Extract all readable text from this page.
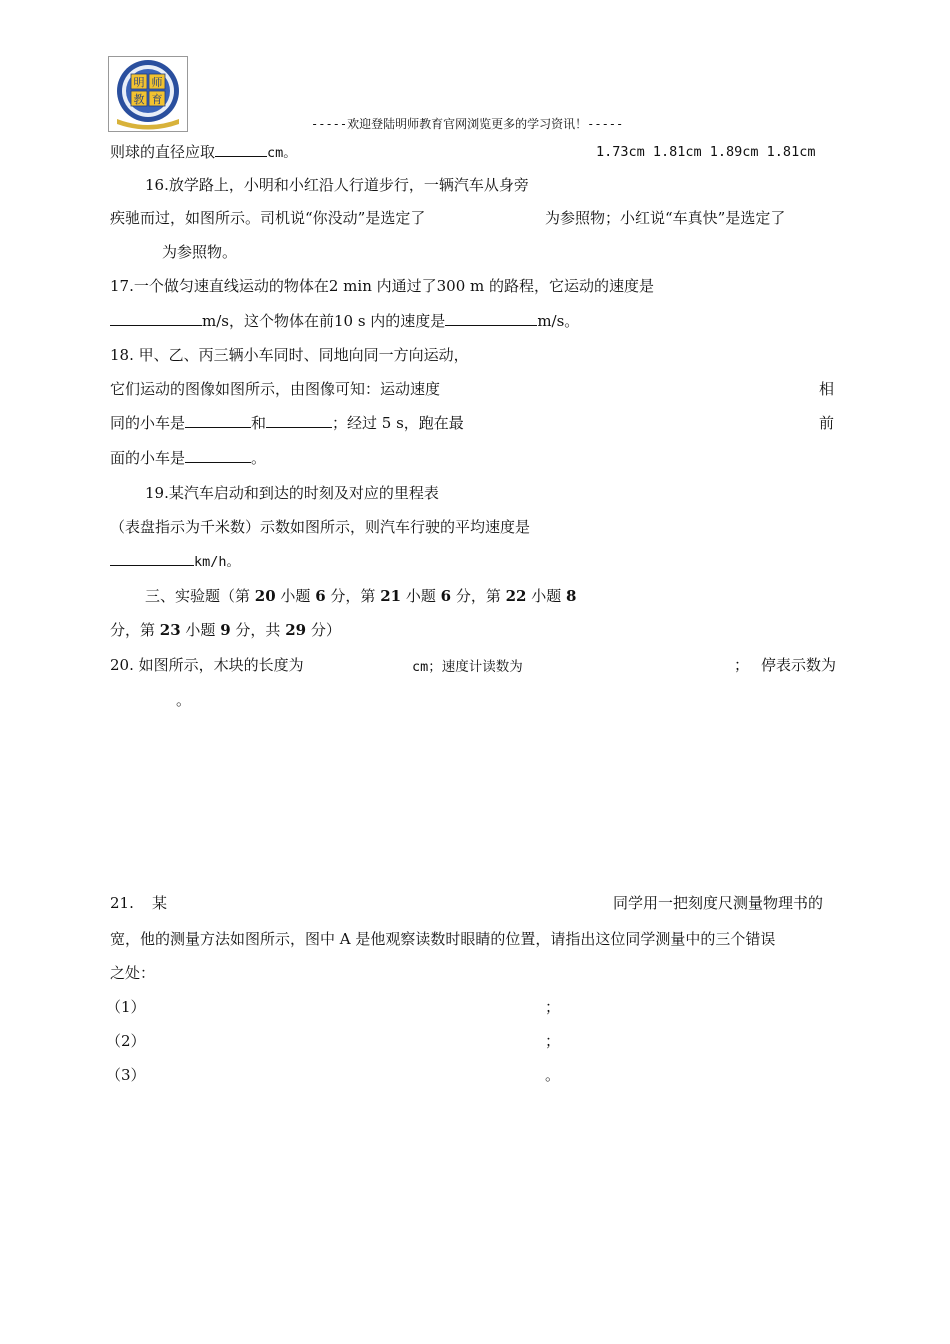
明 师
教 育
-----欢迎登陆明师教育官网浏览更多的学习资讯！-----
则球的直径应取	cm。	1.73cm 1.81cm 1.89cm 1.81cm
16.放学路上，小明和小红沿人行道步行，一辆汽车从身旁
疾驰而过，如图所示。司机说“你没动”是选定了	为参照物；小红说“车真快”是选定了
为参照物。
17.一个做匀速直线运动的物体在2 min 内通过了300 m 的路程，它运动的速度是
m/s，这个物体在前10 s 内的速度是	m/s。
18. 甲、乙、丙三辆小车同时、同地向同一方向运动，
它们运动的图像如图所示，由图像可知：运动速度	相
同的小车是	和	；经过 5 s，跑在最	前
面的小车是	。
19.某汽车启动和到达的时刻及对应的里程表
（表盘指示为千米数）示数如图所示，则汽车行驶的平均速度是
km/h。
三、实验题（第 20 小题 6 分，第 21 小题 6 分，第 22 小题 8
分，第 23 小题 9 分，共 29 分）
20. 如图所示，木块的长度为	cm；速度计读数为	； 停表示数为
。
21. 某	同学用一把刻度尺测量物理书的
宽，他的测量方法如图所示，图中 A 是他观察读数时眼睛的位置，请指出这位同学测量中的三个错误
之处：
（1）	；
（2）	；
（3）	。
